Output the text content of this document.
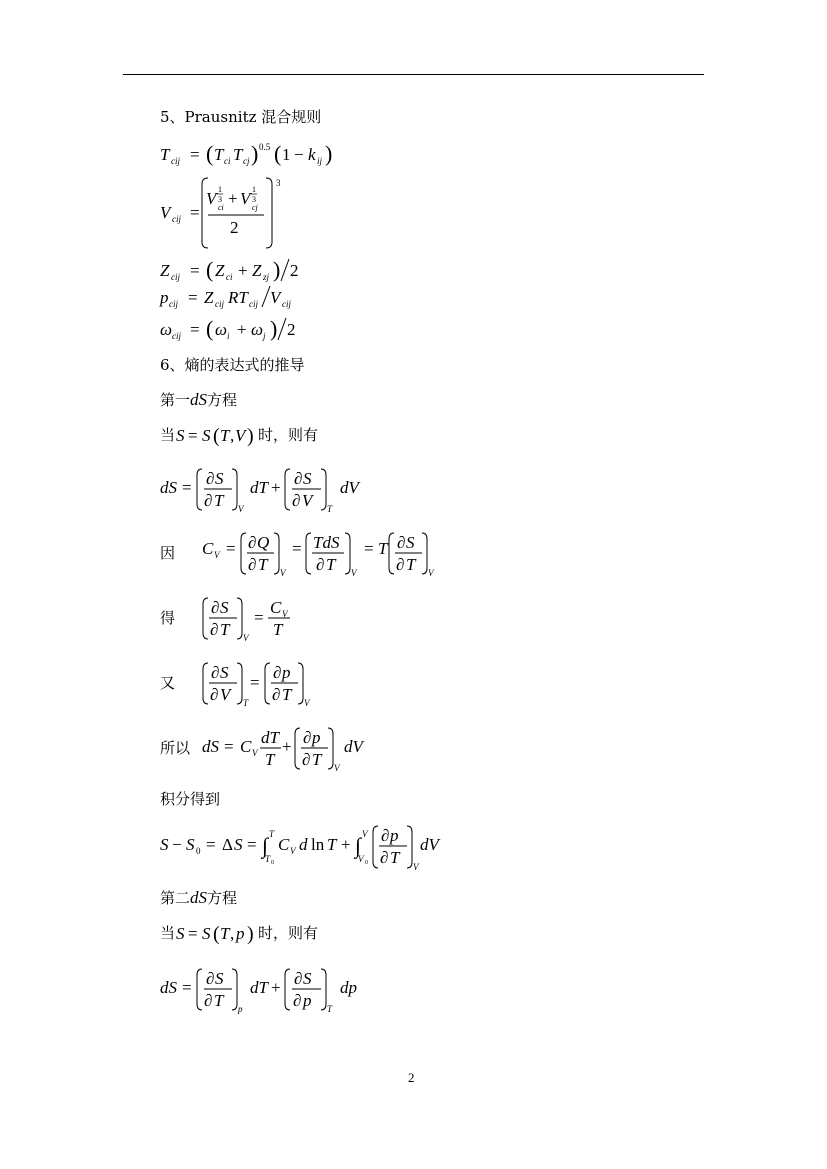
5、Prausnitz 混合规则
T cij = ( T ci T cj ) 0.5 ( 1 − k ij )
V cij =
3
V 1
3
ci + V 1
3
cj
2
Z cij = ( Z ci + Z zj ) 2
p cij = Z cij RT cij V cij
ω cij = ( ω i + ω j ) 2
6、熵的表达式的推导
第一dS方程
当 S = S ( T , V ) 时，则有
dS = ∂ S
∂ T V
dT + ∂ S
∂ V T
dV
因 C V = ∂ Q
∂ T V
= TdS
∂ T V
= T ∂ S
∂ T V
得
∂ S
∂ T V
=
C V
T
又
∂ S
∂ V T
=
∂ p
∂ T V
所以 dS = C V
dT
T
+ ∂ p
∂ T V
dV
积分得到
S − S 0 = Δ S = ∫ T
T 0
C V d ln T + ∫ V
V 0
∂ p
∂ T V
dV
第二dS方程
当 S = S ( T , p ) 时，则有
dS = ∂ S
∂ T p
dT + ∂ S
∂ p T
dp
2
